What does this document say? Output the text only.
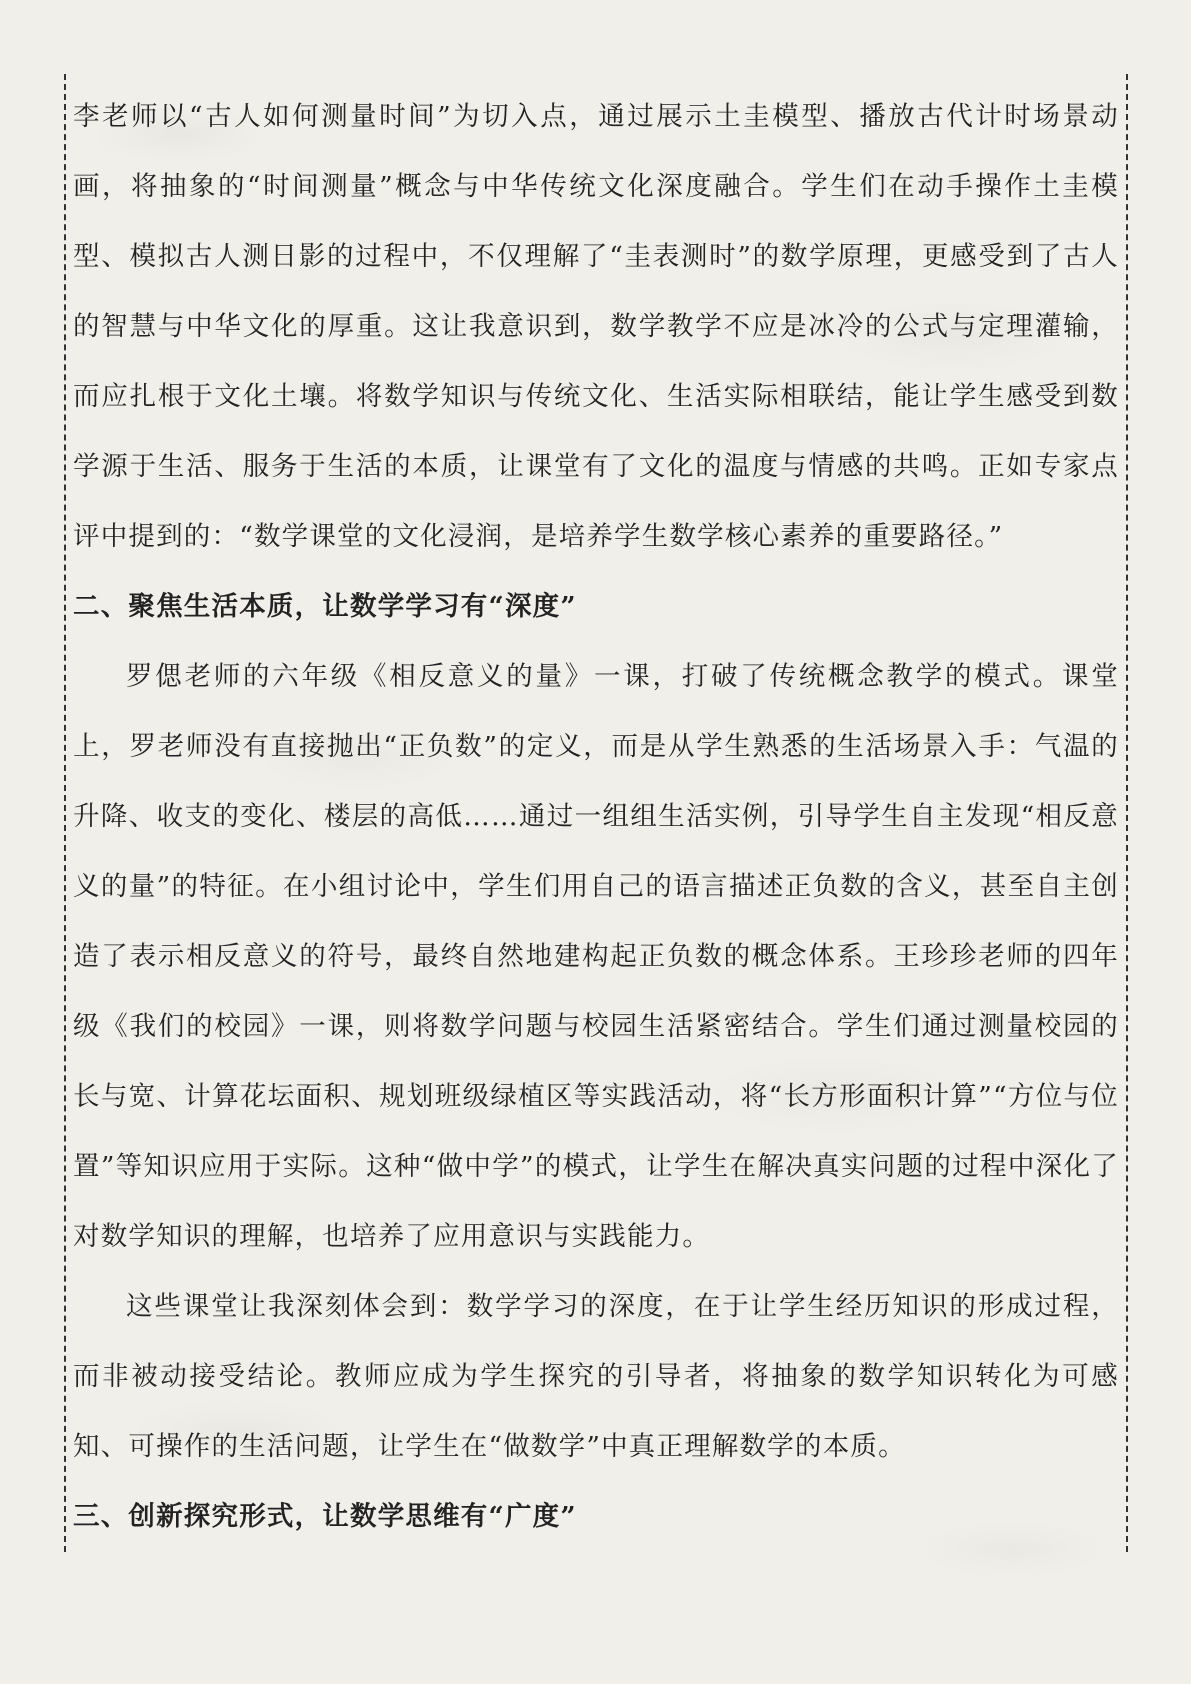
李老师以“古人如何测量时间”为切入点，通过展示土圭模型、播放古代计时场景动画，将抽象的“时间测量”概念与中华传统文化深度融合。学生们在动手操作土圭模型、模拟古人测日影的过程中，不仅理解了“圭表测时”的数学原理，更感受到了古人的智慧与中华文化的厚重。这让我意识到，数学教学不应是冰冷的公式与定理灌输，而应扎根于文化土壤。将数学知识与传统文化、生活实际相联结，能让学生感受到数学源于生活、服务于生活的本质，让课堂有了文化的温度与情感的共鸣。正如专家点评中提到的：“数学课堂的文化浸润，是培养学生数学核心素养的重要路径。”

二、聚焦生活本质，让数学学习有“深度”

罗偲老师的六年级《相反意义的量》一课，打破了传统概念教学的模式。课堂上，罗老师没有直接抛出“正负数”的定义，而是从学生熟悉的生活场景入手：气温的升降、收支的变化、楼层的高低……通过一组组生活实例，引导学生自主发现“相反意义的量”的特征。在小组讨论中，学生们用自己的语言描述正负数的含义，甚至自主创造了表示相反意义的符号，最终自然地建构起正负数的概念体系。王珍珍老师的四年级《我们的校园》一课，则将数学问题与校园生活紧密结合。学生们通过测量校园的长与宽、计算花坛面积、规划班级绿植区等实践活动，将“长方形面积计算”“方位与位置”等知识应用于实际。这种“做中学”的模式，让学生在解决真实问题的过程中深化了对数学知识的理解，也培养了应用意识与实践能力。

这些课堂让我深刻体会到：数学学习的深度，在于让学生经历知识的形成过程，而非被动接受结论。教师应成为学生探究的引导者，将抽象的数学知识转化为可感知、可操作的生活问题，让学生在“做数学”中真正理解数学的本质。

三、创新探究形式，让数学思维有“广度”
